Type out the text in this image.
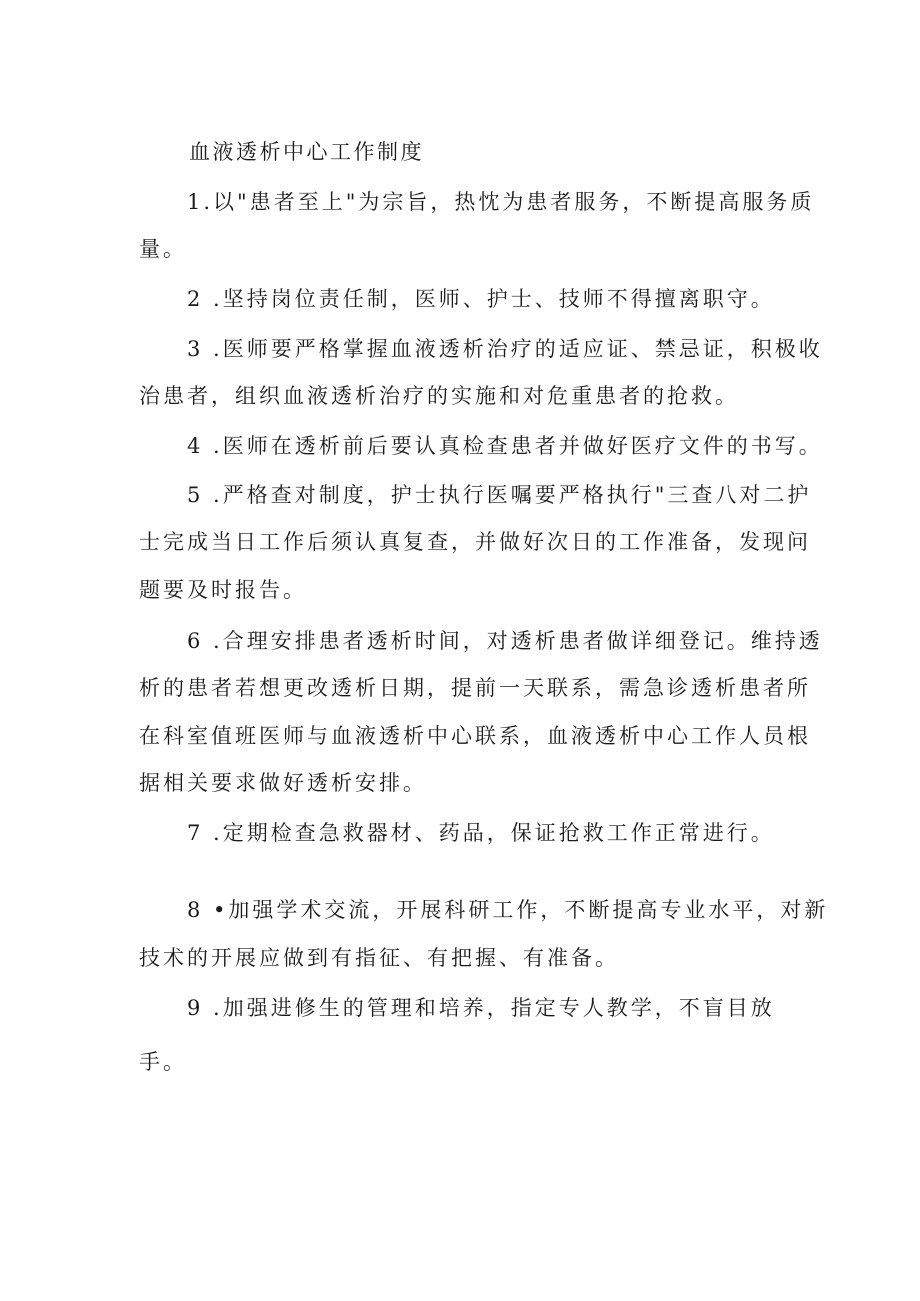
血液透析中心工作制度
1.以"患者至上"为宗旨，热忱为患者服务，不断提高服务质
量。
2 .坚持岗位责任制，医师、护士、技师不得擅离职守。
3 .医师要严格掌握血液透析治疗的适应证、禁忌证，积极收
治患者，组织血液透析治疗的实施和对危重患者的抢救。
4 .医师在透析前后要认真检查患者并做好医疗文件的书写。
5 .严格查对制度，护士执行医嘱要严格执行"三查八对二护
士完成当日工作后须认真复查，并做好次日的工作准备，发现问
题要及时报告。
6 .合理安排患者透析时间，对透析患者做详细登记。维持透
析的患者若想更改透析日期，提前一天联系，需急诊透析患者所
在科室值班医师与血液透析中心联系，血液透析中心工作人员根
据相关要求做好透析安排。
7 .定期检查急救器材、药品，保证抢救工作正常进行。
8 •加强学术交流，开展科研工作，不断提高专业水平，对新
技术的开展应做到有指征、有把握、有准备。
9 .加强进修生的管理和培养，指定专人教学，不盲目放
手。
